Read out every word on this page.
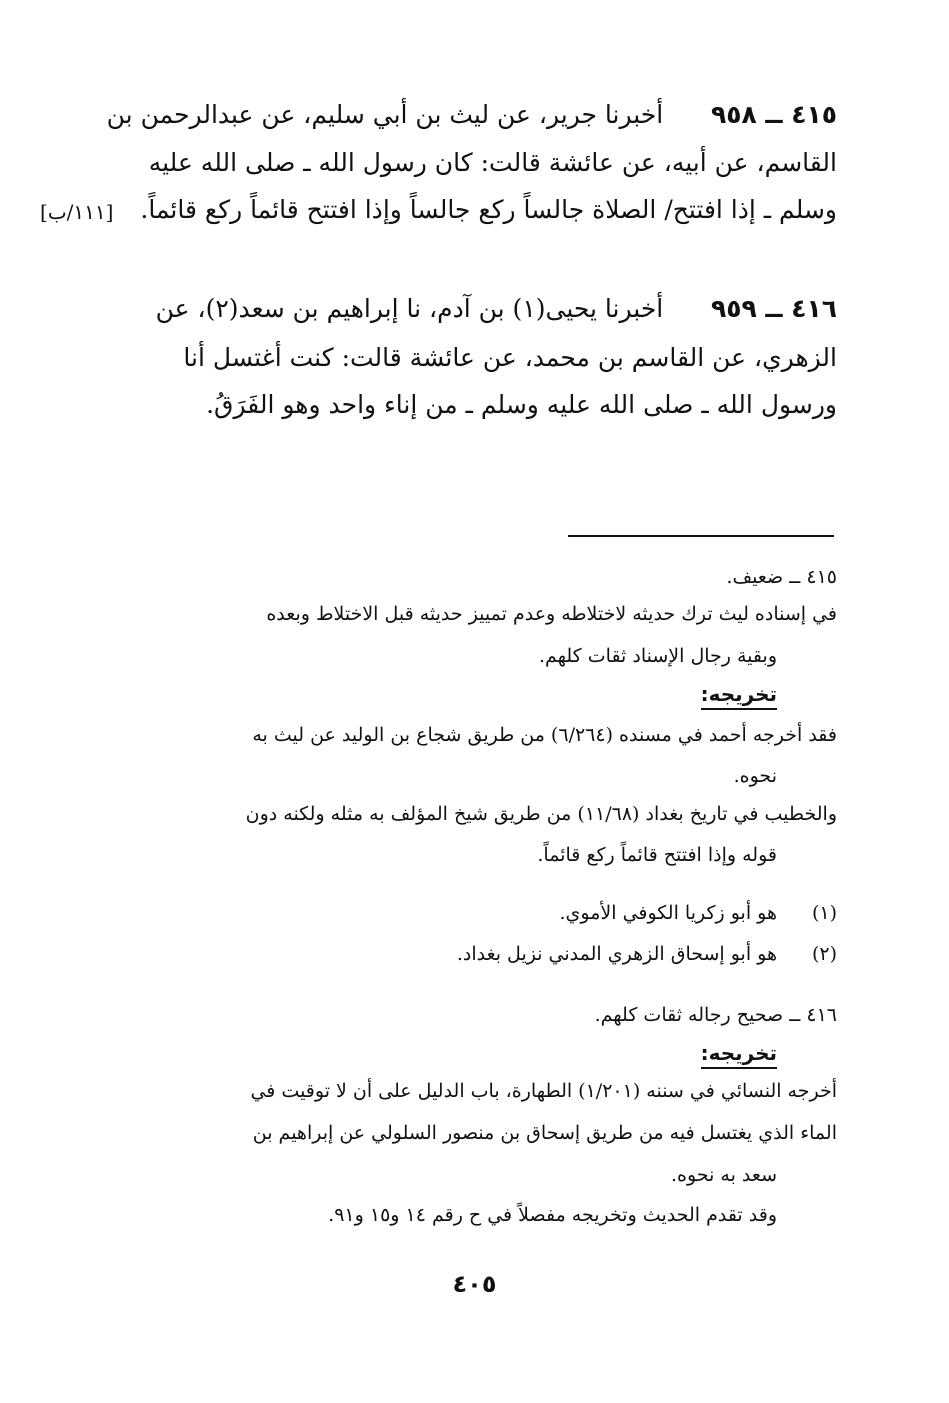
٤١٥ ــ ٩٥٨      أخبرنا جرير، عن ليث بن أبي سليم، عن عبدالرحمن بن
القاسم، عن أبيه، عن عائشة قالت: كان رسول الله ـ صلى الله عليه
وسلم ـ إذا افتتح/ الصلاة جالساً ركع جالساً وإذا افتتح قائماً ركع قائماً.
[١١١/ب]
٤١٦ ــ ٩٥٩      أخبرنا يحيى(١) بن آدم، نا إبراهيم بن سعد(٢)، عن
الزهري، عن القاسم بن محمد، عن عائشة قالت: كنت أغتسل أنا
ورسول الله ـ صلى الله عليه وسلم ـ من إناء واحد وهو الفَرَقُ.
٤١٥ ــ ضعيف.
في إسناده ليث ترك حديثه لاختلاطه وعدم تمييز حديثه قبل الاختلاط وبعده
وبقية رجال الإسناد ثقات كلهم.
تخريجه:
فقد أخرجه أحمد في مسنده (٦/٢٦٤) من طريق شجاع بن الوليد عن ليث به
نحوه.
والخطيب في تاريخ بغداد (١١/٦٨) من طريق شيخ المؤلف به مثله ولكنه دون
قوله وإذا افتتح قائماً ركع قائماً.
(١)
هو أبو زكريا الكوفي الأموي.
(٢)
هو أبو إسحاق الزهري المدني نزيل بغداد.
٤١٦ ــ صحيح رجاله ثقات كلهم.
تخريجه:
أخرجه النسائي في سننه (١/٢٠١) الطهارة، باب الدليل على أن لا توقيت في
الماء الذي يغتسل فيه من طريق إسحاق بن منصور السلولي عن إبراهيم بن
سعد به نحوه.
وقد تقدم الحديث وتخريجه مفصلاً في ح رقم ١٤ و١٥ و٩١.
٤٠٥
